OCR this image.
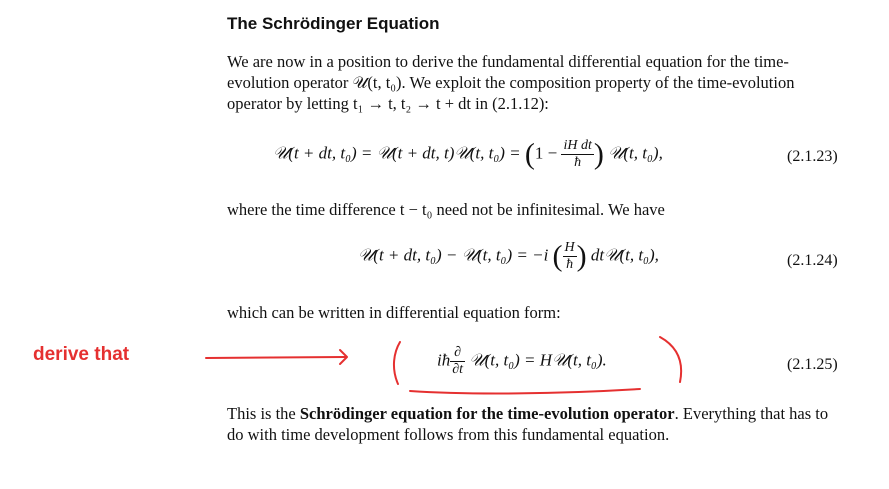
The Schrödinger Equation
We are now in a position to derive the fundamental differential equation for the time-evolution operator 𝒰(t, t₀). We exploit the composition property of the time-evolution operator by letting t₁ → t, t₂ → t + dt in (2.1.12):
𝒰(t + dt, t₀) = 𝒰(t + dt, t)𝒰(t, $t_0) = (1 - \frac{\text{iH dt}}{ħ}$ ) 𝒰(t, t₀),	(2.1.23)
where the time difference t − t₀ need not be infinitesimal. We have
𝒰(t + dt, t₀) − 𝒰(t, t₀) = −i ( $\frac{H}{ħ}$ ) dt𝒰(t, t₀),	(2.1.24)
which can be written in differential equation form:
iħ $\frac{\partial}{\partial t}$ 𝒰(t, t₀) = H𝒰(t, t₀).	(2.1.25)
This is the Schrödinger equation for the time-evolution operator. Everything that has to do with time development follows from this fundamental equation.
derive that
